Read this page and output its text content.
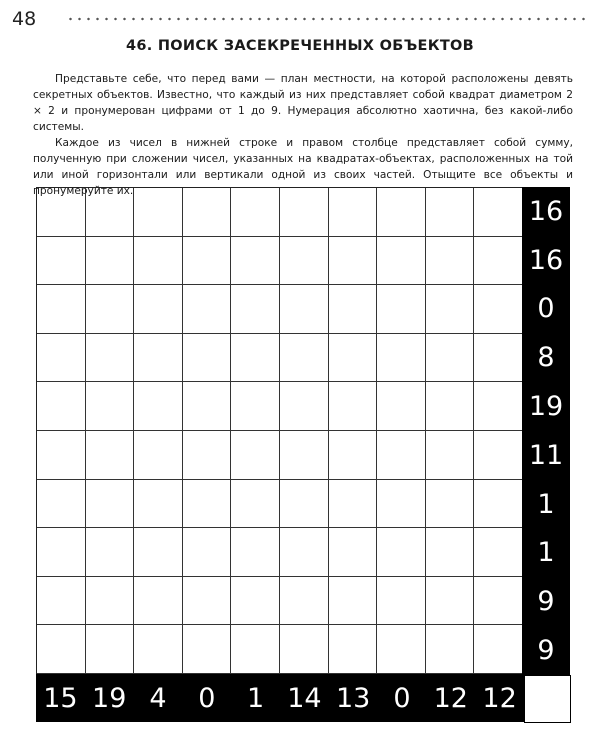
48
46. ПОИСК ЗАСЕКРЕЧЕННЫХ ОБЪЕКТОВ

Представьте себе, что перед вами — план местности, на которой расположены девять секретных объектов. Известно, что каждый из них представляет собой квадрат диаметром 2 × 2 и пронумерован цифрами от 1 до 9. Нумерация абсолютно хаотична, без какой-либо системы.

Каждое из чисел в нижней строке и правом столбце представляет собой сумму, полученную при сложении чисел, указанных на квадратах-объектах, расположенных на той или иной горизонтали или вертикали одной из своих частей. Отыщите все объекты и пронумеруйте их.

16
16
0
8
19
11
1
1
9
9
15 19 4	0	1 14 13 0 12 12
